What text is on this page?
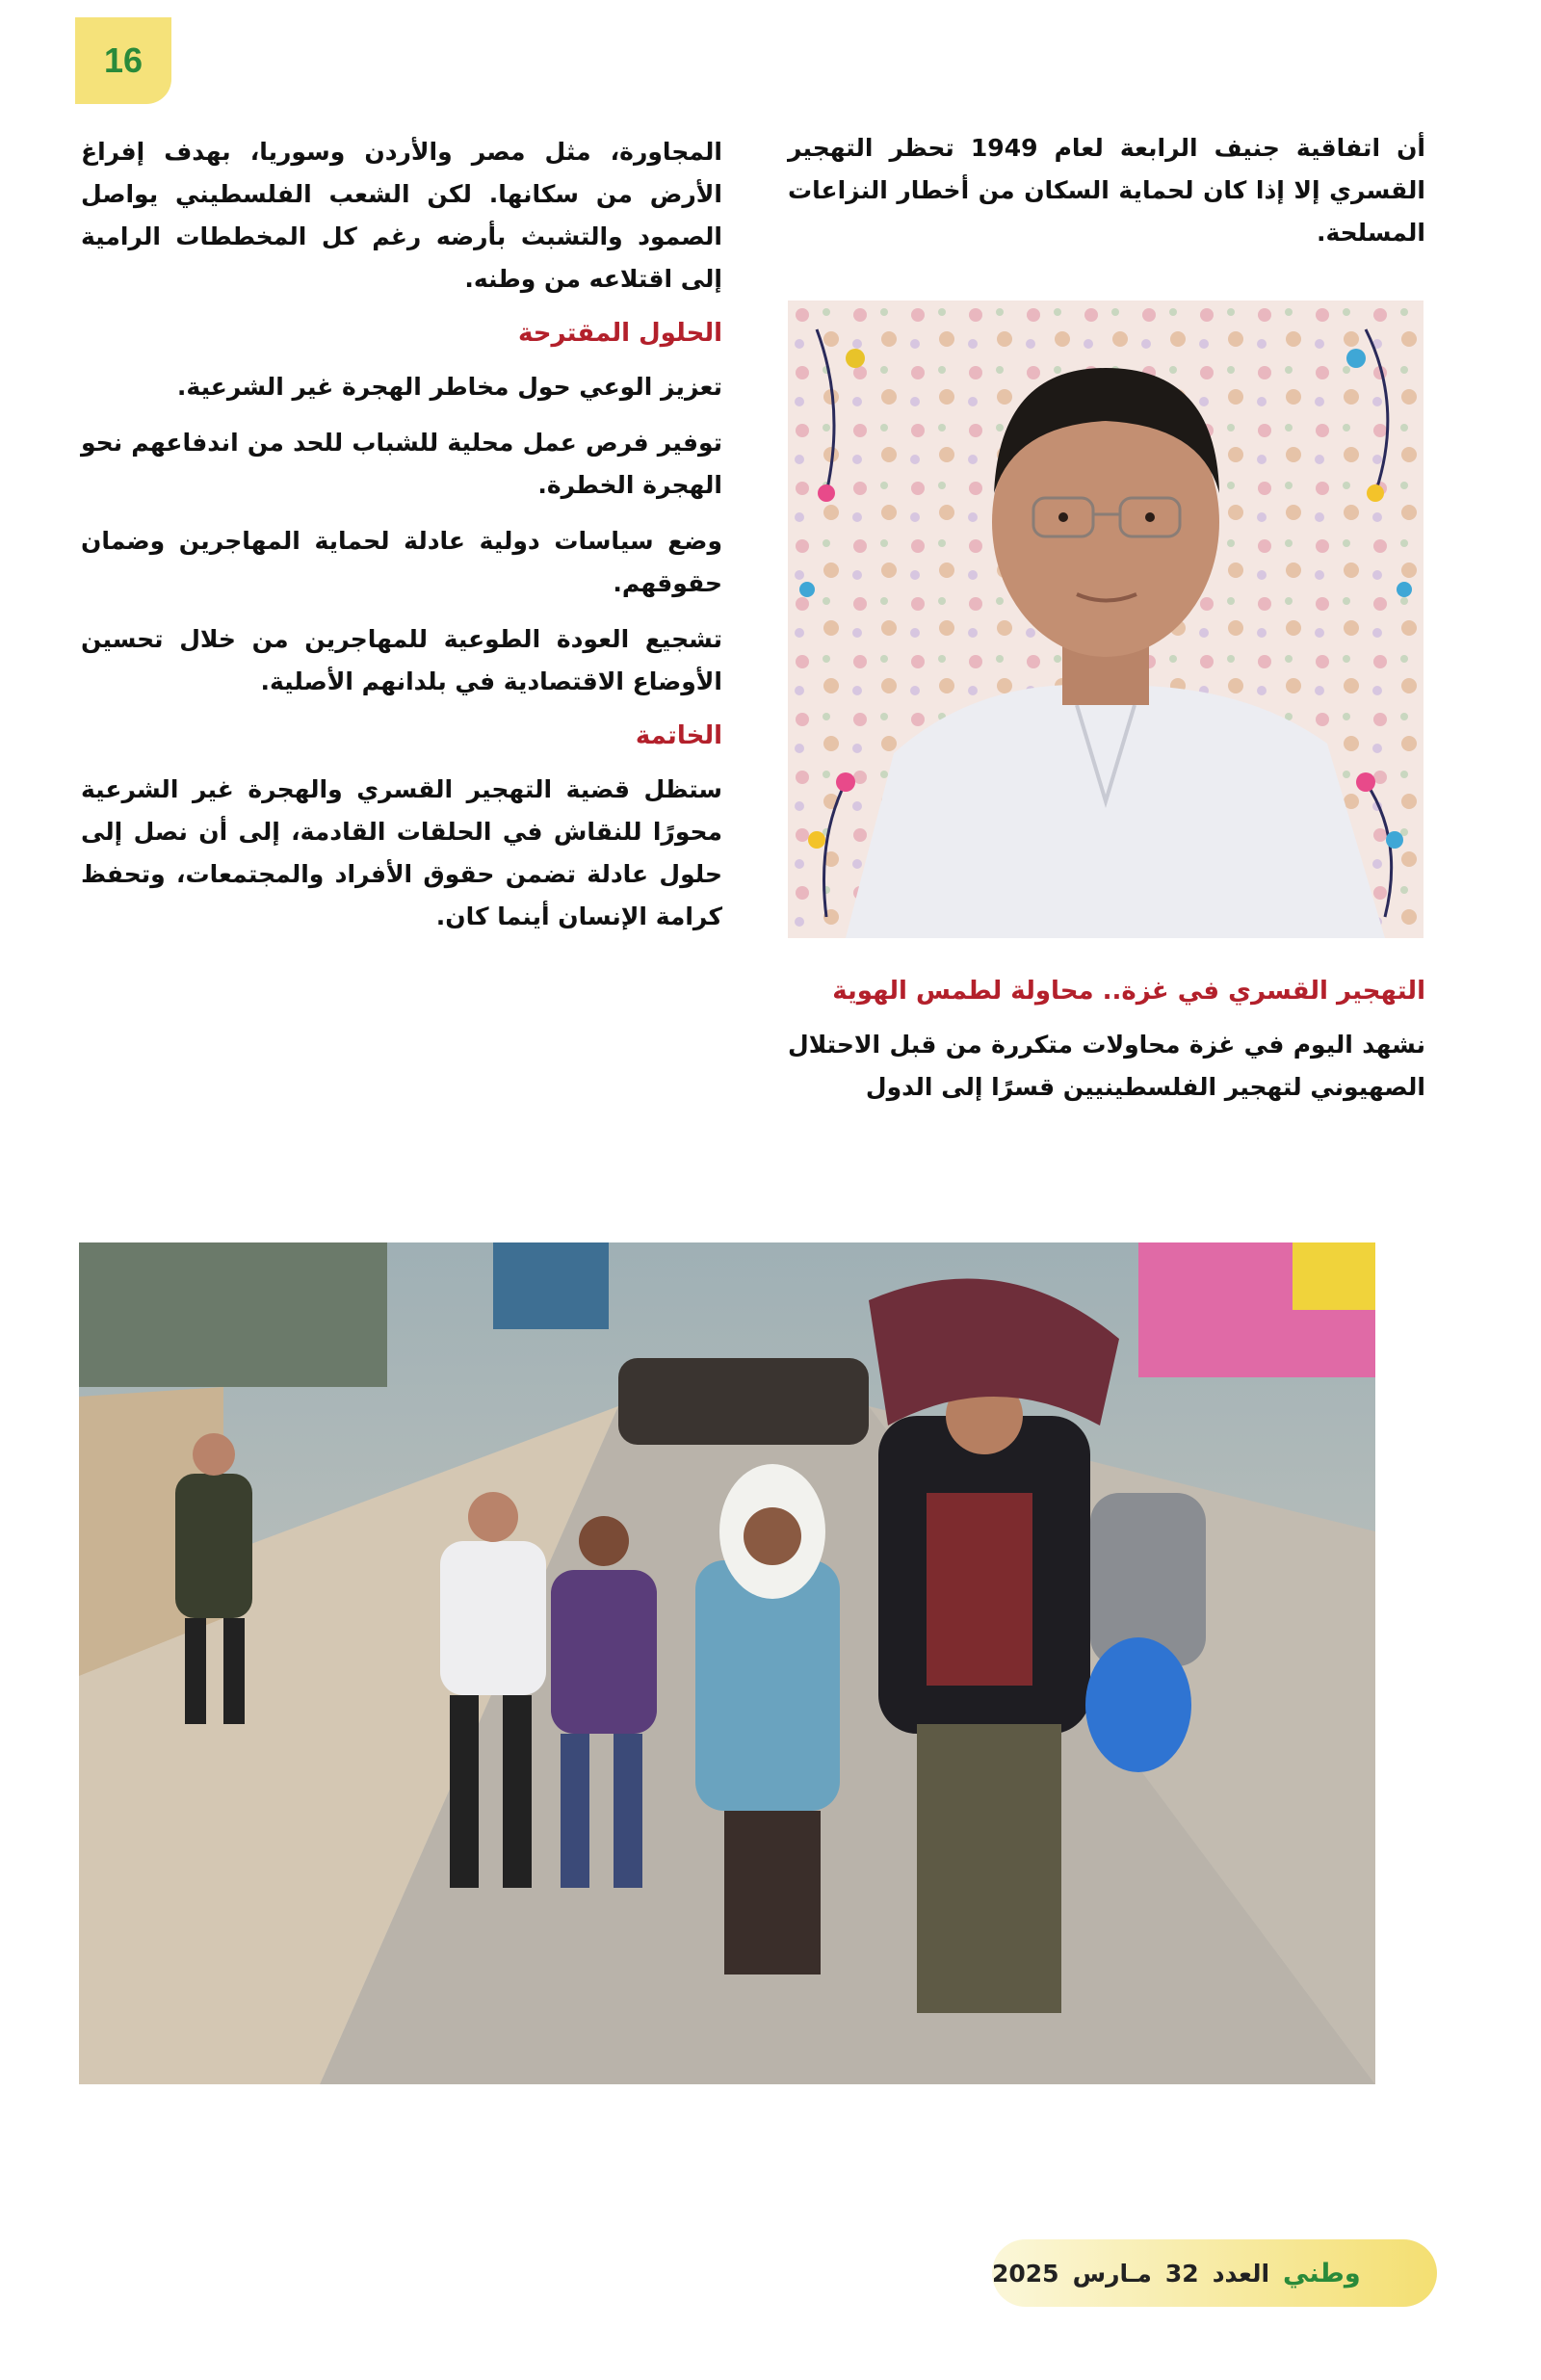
16

أن اتفاقية جنيف الرابعة لعام 1949 تحظر التهجير القسري إلا إذا كان لحماية السكان من أخطار النزاعات المسلحة.

التهجير القسري في غزة.. محاولة لطمس الهوية

نشهد اليوم في غزة محاولات متكررة من قبل الاحتلال الصهيوني لتهجير الفلسطينيين قسرًا إلى الدول

المجاورة، مثل مصر والأردن وسوريا، بهدف إفراغ الأرض من سكانها. لكن الشعب الفلسطيني يواصل الصمود والتشبث بأرضه رغم كل المخططات الرامية إلى اقتلاعه من وطنه.

الحلول المقترحة

تعزيز الوعي حول مخاطر الهجرة غير الشرعية.

توفير فرص عمل محلية للشباب للحد من اندفاعهم نحو الهجرة الخطرة.

وضع سياسات دولية عادلة لحماية المهاجرين وضمان حقوقهم.

تشجيع العودة الطوعية للمهاجرين من خلال تحسين الأوضاع الاقتصادية في بلدانهم الأصلية.

الخاتمة

ستظل قضية التهجير القسري والهجرة غير الشرعية محورًا للنقاش في الحلقات القادمة، إلى أن نصل إلى حلول عادلة تضمن حقوق الأفراد والمجتمعات، وتحفظ كرامة الإنسان أينما كان.

وطني
العدد
32
مـارس
2025
